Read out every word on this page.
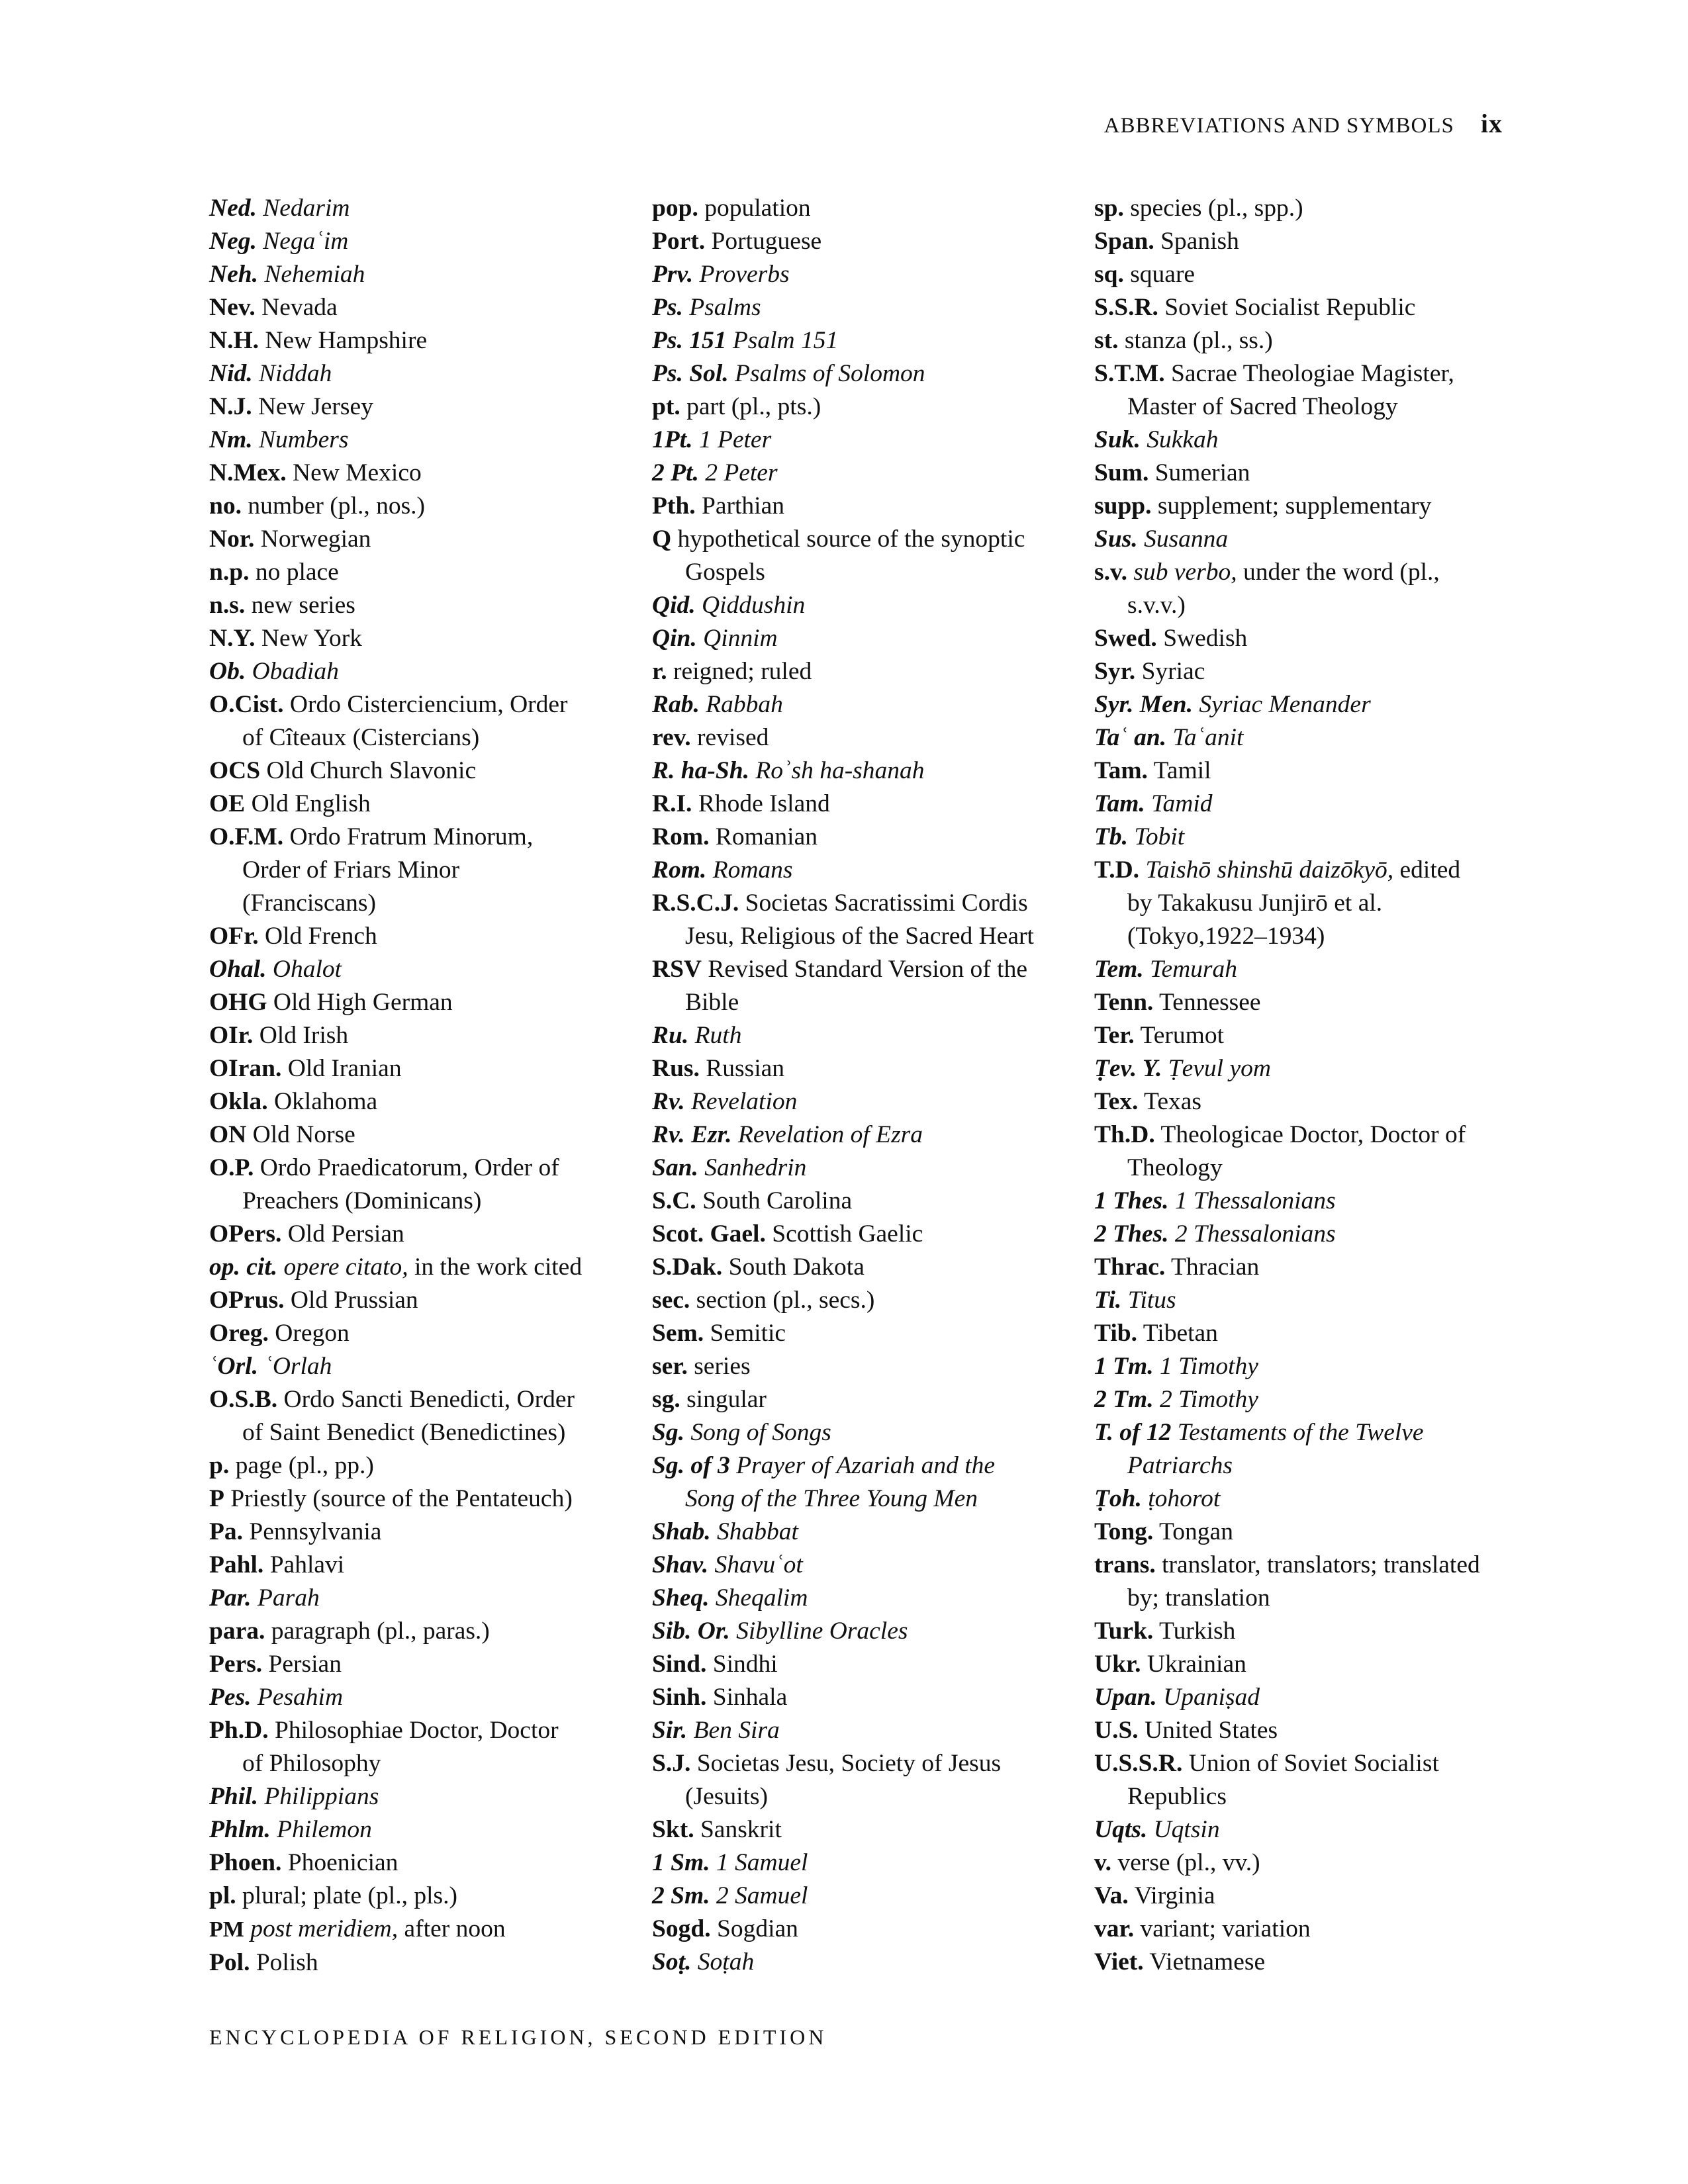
ABBREVIATIONS AND SYMBOLS ix
Ned. Nedarim
Neg. Negaʿim
Neh. Nehemiah
Nev. Nevada
N.H. New Hampshire
Nid. Niddah
N.J. New Jersey
Nm. Numbers
N.Mex. New Mexico
no. number (pl., nos.)
Nor. Norwegian
n.p. no place
n.s. new series
N.Y. New York
Ob. Obadiah
O.Cist. Ordo Cisterciencium, Order
of Cîteaux (Cistercians)
OCS Old Church Slavonic
OE Old English
O.F.M. Ordo Fratrum Minorum,
Order of Friars Minor
(Franciscans)
OFr. Old French
Ohal. Ohalot
OHG Old High German
OIr. Old Irish
OIran. Old Iranian
Okla. Oklahoma
ON Old Norse
O.P. Ordo Praedicatorum, Order of
Preachers (Dominicans)
OPers. Old Persian
op. cit. opere citato, in the work cited
OPrus. Old Prussian
Oreg. Oregon
ʿOrl. ʿOrlah
O.S.B. Ordo Sancti Benedicti, Order
of Saint Benedict (Benedictines)
p. page (pl., pp.)
P Priestly (source of the Pentateuch)
Pa. Pennsylvania
Pahl. Pahlavi
Par. Parah
para. paragraph (pl., paras.)
Pers. Persian
Pes. Pesahim
Ph.D. Philosophiae Doctor, Doctor
of Philosophy
Phil. Philippians
Phlm. Philemon
Phoen. Phoenician
pl. plural; plate (pl., pls.)
PM post meridiem, after noon
Pol. Polish
pop. population
Port. Portuguese
Prv. Proverbs
Ps. Psalms
Ps. 151 Psalm 151
Ps. Sol. Psalms of Solomon
pt. part (pl., pts.)
1Pt. 1 Peter
2 Pt. 2 Peter
Pth. Parthian
Q hypothetical source of the synoptic
Gospels
Qid. Qiddushin
Qin. Qinnim
r. reigned; ruled
Rab. Rabbah
rev. revised
R. ha-Sh. Roʾsh ha-shanah
R.I. Rhode Island
Rom. Romanian
Rom. Romans
R.S.C.J. Societas Sacratissimi Cordis
Jesu, Religious of the Sacred Heart
RSV Revised Standard Version of the
Bible
Ru. Ruth
Rus. Russian
Rv. Revelation
Rv. Ezr. Revelation of Ezra
San. Sanhedrin
S.C. South Carolina
Scot. Gael. Scottish Gaelic
S.Dak. South Dakota
sec. section (pl., secs.)
Sem. Semitic
ser. series
sg. singular
Sg. Song of Songs
Sg. of 3 Prayer of Azariah and the
Song of the Three Young Men
Shab. Shabbat
Shav. Shavuʿot
Sheq. Sheqalim
Sib. Or. Sibylline Oracles
Sind. Sindhi
Sinh. Sinhala
Sir. Ben Sira
S.J. Societas Jesu, Society of Jesus
(Jesuits)
Skt. Sanskrit
1 Sm. 1 Samuel
2 Sm. 2 Samuel
Sogd. Sogdian
Soṭ. Soṭah
sp. species (pl., spp.)
Span. Spanish
sq. square
S.S.R. Soviet Socialist Republic
st. stanza (pl., ss.)
S.T.M. Sacrae Theologiae Magister,
Master of Sacred Theology
Suk. Sukkah
Sum. Sumerian
supp. supplement; supplementary
Sus. Susanna
s.v. sub verbo, under the word (pl.,
s.v.v.)
Swed. Swedish
Syr. Syriac
Syr. Men. Syriac Menander
Taʿ an. Taʿanit
Tam. Tamil
Tam. Tamid
Tb. Tobit
T.D. Taishō shinshū daizōkyō, edited
by Takakusu Junjirō et al.
(Tokyo,1922–1934)
Tem. Temurah
Tenn. Tennessee
Ter. Terumot
Ṭev. Y. Ṭevul yom
Tex. Texas
Th.D. Theologicae Doctor, Doctor of
Theology
1 Thes. 1 Thessalonians
2 Thes. 2 Thessalonians
Thrac. Thracian
Ti. Titus
Tib. Tibetan
1 Tm. 1 Timothy
2 Tm. 2 Timothy
T. of 12 Testaments of the Twelve
Patriarchs
Ṭoh. ṭohorot
Tong. Tongan
trans. translator, translators; translated
by; translation
Turk. Turkish
Ukr. Ukrainian
Upan. Upaniṣad
U.S. United States
U.S.S.R. Union of Soviet Socialist
Republics
Uqts. Uqtsin
v. verse (pl., vv.)
Va. Virginia
var. variant; variation
Viet. Vietnamese
ENCYCLOPEDIA OF RELIGION, SECOND EDITION
